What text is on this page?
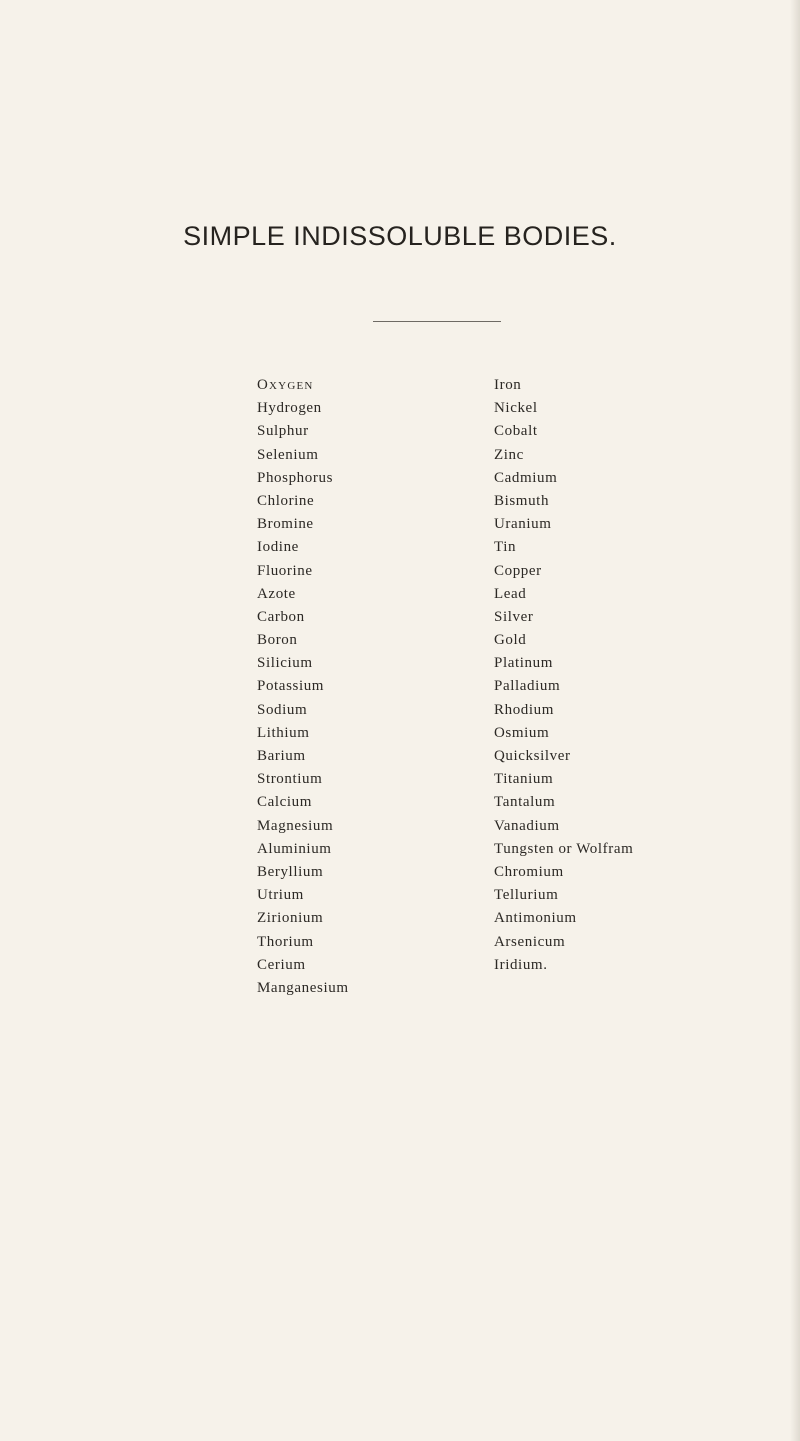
SIMPLE INDISSOLUBLE BODIES.
Oxygen
Hydrogen
Sulphur
Selenium
Phosphorus
Chlorine
Bromine
Iodine
Fluorine
Azote
Carbon
Boron
Silicium
Potassium
Sodium
Lithium
Barium
Strontium
Calcium
Magnesium
Aluminium
Beryllium
Utrium
Zirionium
Thorium
Cerium
Manganesium
Iron
Nickel
Cobalt
Zinc
Cadmium
Bismuth
Uranium
Tin
Copper
Lead
Silver
Gold
Platinum
Palladium
Rhodium
Osmium
Quicksilver
Titanium
Tantalum
Vanadium
Tungsten or Wolfram
Chromium
Tellurium
Antimonium
Arsenicum
Iridium.
